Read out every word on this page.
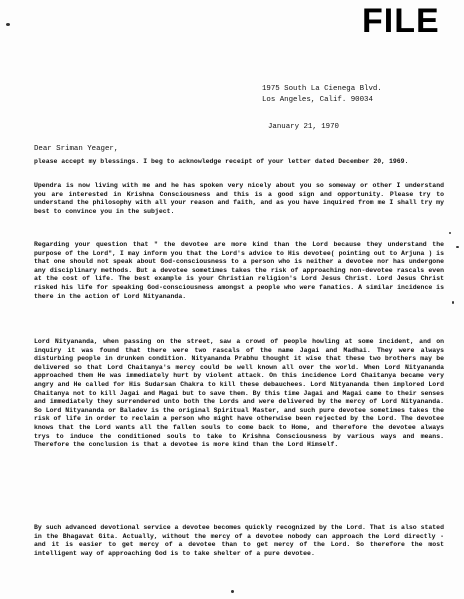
FILE
1975 South La Cienega Blvd.
Los Angeles, Calif. 90034
January 21, 1970
Dear Sriman Yeager,
please accept my blessings. I beg to acknowledge receipt of your letter dated December 20, 1969.
Upendra is now living with me and he has spoken very nicely about you so someway or other I understand you are interested in Krishna Consciousness and this is a good sign and opportunity. Please try to understand the philosophy with all your reason and faith, and as you have inquired from me I shall try my best to convince you in the subject.
Regarding your question that " the devotee are more kind than the Lord because they understand the purpose of the Lord", I may inform you that the Lord's advice to His devotee( pointing out to Arjuna ) is that one should not speak about God-consciousness to a person who is neither a devotee nor has undergone any disciplinary methods. But a devotee sometimes takes the risk of approaching non-devotee rascals even at the cost of life. The best example is your Christian religion's Lord Jesus Christ. Lord Jesus Christ risked his life for speaking God-consciousness amongst a people who were fanatics. A similar incidence is there in the action of Lord Nityananda.
Lord Nityananda, when passing on the street, saw a crowd of people howling at some incident, and on inquiry it was found that there were two rascals of the name Jagai and Madhai. They were always disturbing people in drunken condition. Nityananda Prabhu thought it wise that these two brothers may be delivered so that Lord Chaitanya's mercy could be well known all over the world. When Lord Nityananda approached them He was immediately hurt by violent attack. On this incidence Lord Chaitanya became very angry and He called for His Sudarsan Chakra to kill these debauchees. Lord Nityananda then implored Lord Chaitanya not to kill Jagai and Magai but to save them. By this time Jagai and Magai came to their senses and immediately they surrendered unto both the Lords and were delivered by the mercy of Lord Nityananda. So Lord Nityananda or Baladev is the original Spiritual Master, and such pure devotee sometimes takes the risk of life in order to reclaim a person who might have otherwise been rejected by the Lord. The devotee knows that the Lord wants all the fallen souls to come back to Home, and therefore the devotee always trys to induce the conditioned souls to take to Krishna Consciousness by various ways and means. Therefore the conclusion is that a devotee is more kind than the Lord Himself.
By such advanced devotional service a devotee becomes quickly recognized by the Lord. That is also stated in the Bhagavat Gita. Actually, without the mercy of a devotee nobody can approach the Lord directly - and it is easier to get mercy of a devotee than to get mercy of the Lord. So therefore the most intelligent way of approaching God is to take shelter of a pure devotee.
